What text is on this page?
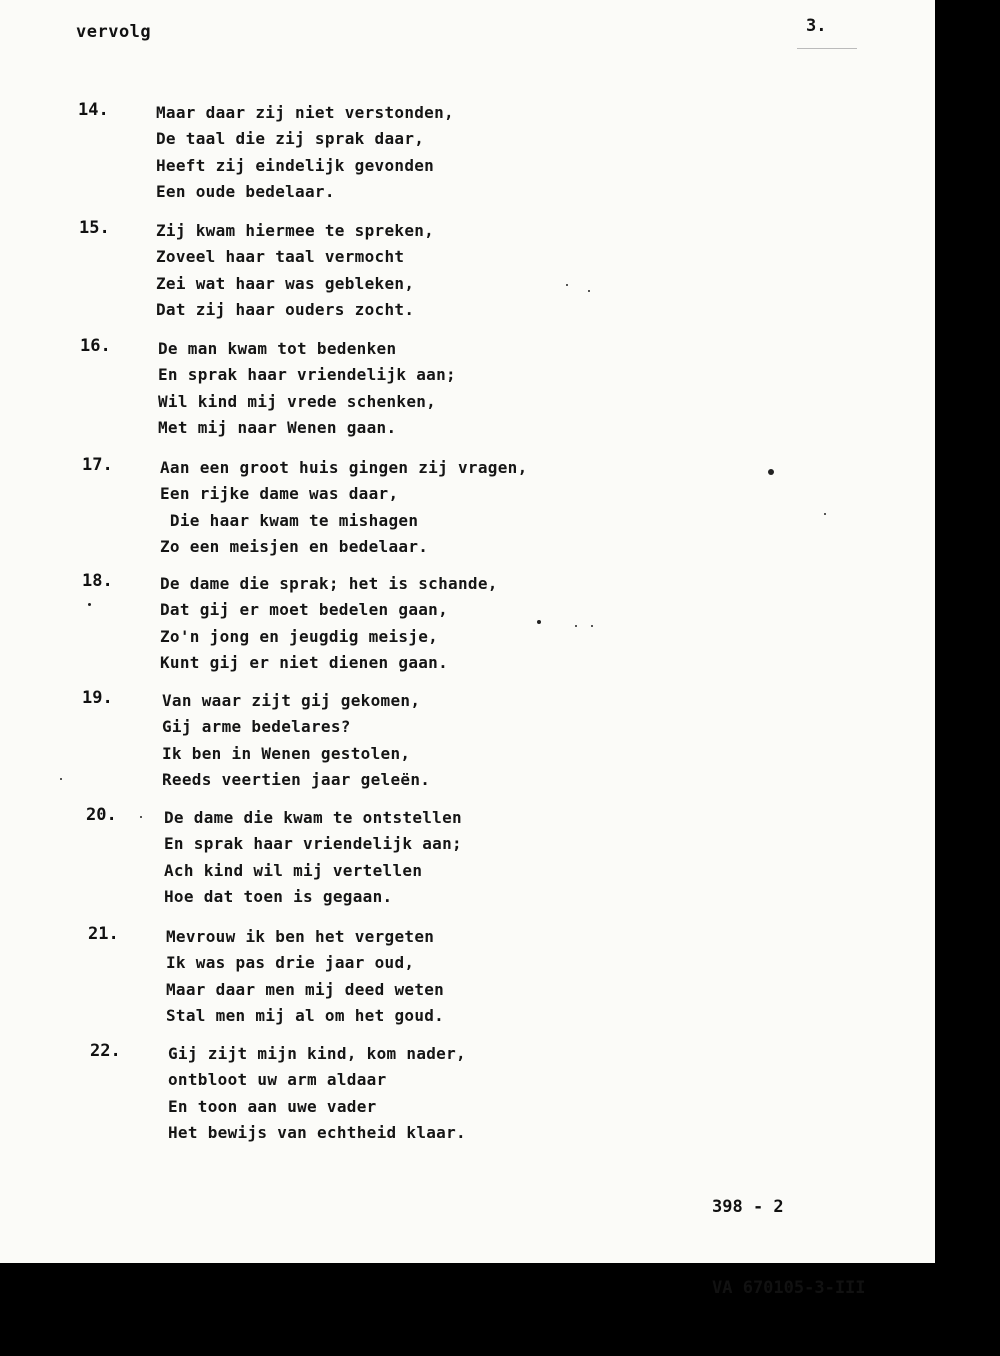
vervolg	3.
14.	Maar daar zij niet verstonden,
De taal die zij sprak daar,
Heeft zij eindelijk gevonden
Een oude bedelaar.
15.	Zij kwam hiermee te spreken,
Zoveel haar taal vermocht
Zei wat haar was gebleken,
Dat zij haar ouders zocht.
16.	De man kwam tot bedenken
En sprak haar vriendelijk aan;
Wil kind mij vrede schenken,
Met mij naar Wenen gaan.
17.	Aan een groot huis gingen zij vragen,
Een rijke dame was daar,
Die haar kwam te mishagen
Zo een meisjen en bedelaar.
18.	De dame die sprak; het is schande,
Dat gij er moet bedelen gaan,
Zo'n jong en jeugdig meisje,
Kunt gij er niet dienen gaan.
19.	Van waar zijt gij gekomen,
Gij arme bedelares?
Ik ben in Wenen gestolen,
Reeds veertien jaar geleën.
20.	De dame die kwam te ontstellen
En sprak haar vriendelijk aan;
Ach kind wil mij vertellen
Hoe dat toen is gegaan.
21.	Mevrouw ik ben het vergeten
Ik was pas drie jaar oud,
Maar daar men mij deed weten
Stal men mij al om het goud.
22.	Gij zijt mijn kind, kom nader,
ontbloot uw arm aldaar
En toon aan uwe vader
Het bewijs van echtheid klaar.

398 - 2

VA 670105-3-III
